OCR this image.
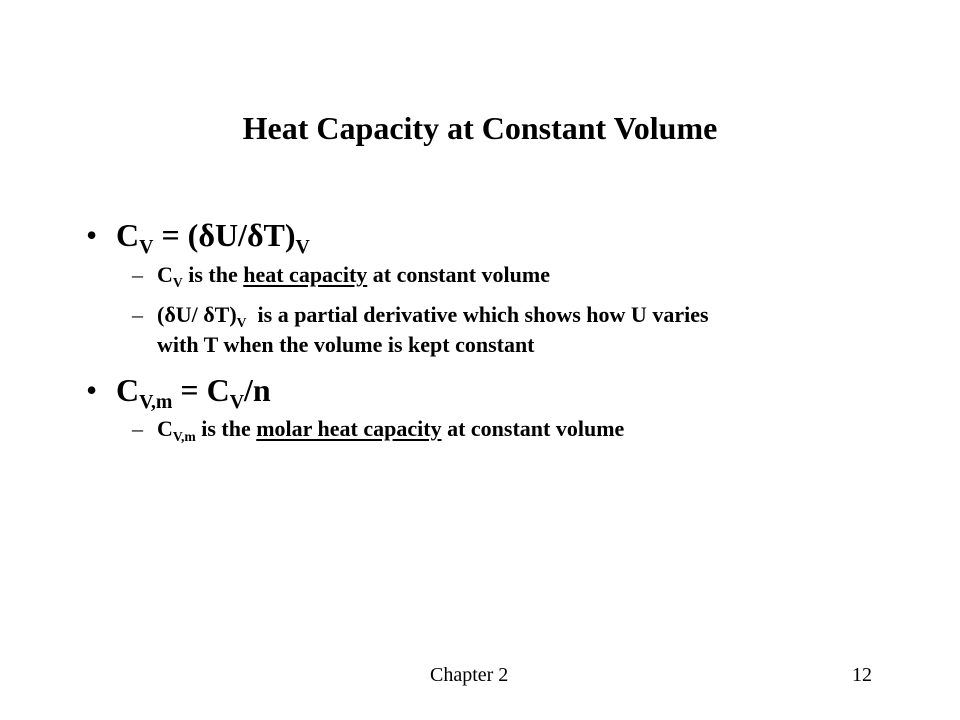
Heat Capacity at Constant Volume
• $C_V = (\delta U/\delta T)_V$
– $C_V$ is the heat capacity at constant volume
– (δU/ $\delta T)_V$  is a partial derivative which shows how U varies
with T when the volume is kept constant
• $C_{V,m} = C_V/n$
– $C_{V,m}$ is the molar heat capacity at constant volume
Chapter 2	12
